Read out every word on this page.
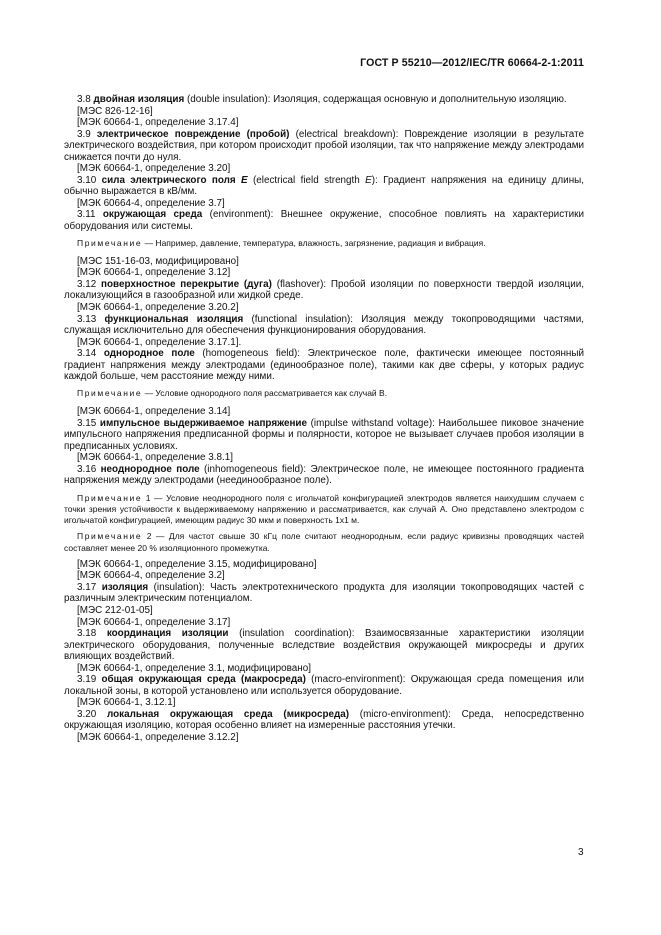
ГОСТ Р 55210—2012/IEC/TR 60664-2-1:2011

3.8 двойная изоляция (double insulation): Изоляция, содержащая основную и дополнительную изоляцию.

[МЭС 826-12-16]

[МЭК 60664-1, определение 3.17.4]

3.9 электрическое повреждение (пробой) (electrical breakdown): Повреждение изоляции в результате электрического воздействия, при котором происходит пробой изоляции, так что напряжение между электродами снижается почти до нуля.

[МЭК 60664-1, определение 3.20]

3.10 сила электрического поля E (electrical field strength E): Градиент напряжения на единицу длины, обычно выражается в кВ/мм.

[МЭК 60664-4, определение 3.7]

3.11 окружающая среда (environment): Внешнее окружение, способное повлиять на характеристики оборудования или системы.

Примечание — Например, давление, температура, влажность, загрязнение, радиация и вибрация.

[МЭС 151-16-03, модифицировано]

[МЭК 60664-1, определение 3.12]

3.12 поверхностное перекрытие (дуга) (flashover): Пробой изоляции по поверхности твердой изоляции, локализующийся в газообразной или жидкой среде.

[МЭК 60664-1, определение 3.20.2]

3.13 функциональная изоляция (functional insulation): Изоляция между токопроводящими частями, служащая исключительно для обеспечения функционирования оборудования.

[МЭК 60664-1, определение 3.17.1].

3.14 однородное поле (homogeneous field): Электрическое поле, фактически имеющее постоянный градиент напряжения между электродами (единообразное поле), такими как две сферы, у которых радиус каждой больше, чем расстояние между ними.

Примечание — Условие однородного поля рассматривается как случай В.

[МЭК 60664-1, определение 3.14]

3.15 импульсное выдерживаемое напряжение (impulse withstand voltage): Наибольшее пиковое значение импульсного напряжения предписанной формы и полярности, которое не вызывает случаев пробоя изоляции в предписанных условиях.

[МЭК 60664-1, определение 3.8.1]

3.16 неоднородное поле (inhomogeneous field): Электрическое поле, не имеющее постоянного градиента напряжения между электродами (неединообразное поле).

Примечание 1 — Условие неоднородного поля с игольчатой конфигурацией электродов является наихудшим случаем с точки зрения устойчивости к выдерживаемому напряжению и рассматривается, как случай А. Оно представлено электродом с игольчатой конфигурацией, имеющим радиус 30 мкм и поверхность 1х1 м.

Примечание 2 — Для частот свыше 30 кГц поле считают неоднородным, если радиус кривизны проводящих частей составляет менее 20 % изоляционного промежутка.

[МЭК 60664-1, определение 3.15, модифицировано]

[МЭК 60664-4, определение 3.2]

3.17 изоляция (insulation): Часть электротехнического продукта для изоляции токопроводящих частей с различным электрическим потенциалом.

[МЭС 212-01-05]

[МЭК 60664-1, определение 3.17]

3.18 координация изоляции (insulation coordination): Взаимосвязанные характеристики изоляции электрического оборудования, полученные вследствие воздействия окружающей микросреды и других влияющих воздействий.

[МЭК 60664-1, определение 3.1, модифицировано]

3.19 общая окружающая среда (макросреда) (macro-environment): Окружающая среда помещения или локальной зоны, в которой установлено или используется оборудование.

[МЭК 60664-1, 3.12.1]

3.20 локальная окружающая среда (микросреда) (micro-environment): Среда, непосредственно окружающая изоляцию, которая особенно влияет на измеренные расстояния утечки.

[МЭК 60664-1, определение 3.12.2]

3
